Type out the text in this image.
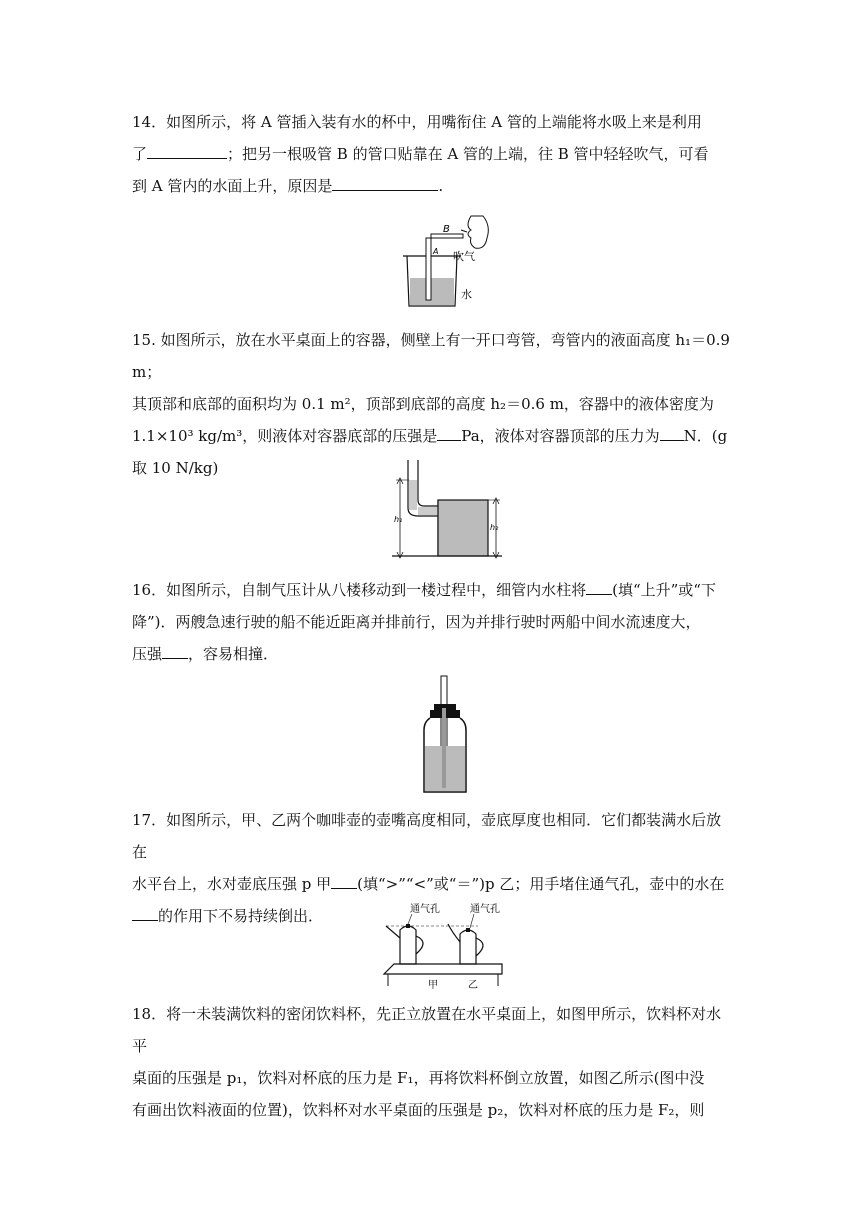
14．如图所示，将 A 管插入装有水的杯中，用嘴衔住 A 管的上端能将水吸上来是利用
了	；把另一根吸管 B 的管口贴靠在 A 管的上端，往 B 管中轻轻吹气，可看
到 A 管内的水面上升，原因是	.
B
A 吹气
水
15. 如图所示，放在水平桌面上的容器，侧壁上有一开口弯管，弯管内的液面高度 h₁＝0.9 m；
其顶部和底部的面积均为 0.1 m²，顶部到底部的高度 h₂＝0.6 m，容器中的液体密度为
1.1×10³ kg/m³，则液体对容器底部的压强是 Pa，液体对容器顶部的压力为 N．(g
取 10 N/kg)
h₁
h₂
16．如图所示，自制气压计从八楼移动到一楼过程中，细管内水柱将 (填“上升”或“下
降”)．两艘急速行驶的船不能近距离并排前行，因为并排行驶时两船中间水流速度大，
压强 ，容易相撞．
17．如图所示，甲、乙两个咖啡壶的壶嘴高度相同，壶底厚度也相同．它们都装满水后放在
水平台上，水对壶底压强 p 甲 (填“>”“<”或“＝”)p 乙；用手堵住通气孔，壶中的水在
的作用下不易持续倒出．	通气孔	通气孔
甲	乙
18．将一未装满饮料的密闭饮料杯，先正立放置在水平桌面上，如图甲所示，饮料杯对水平
桌面的压强是 p₁，饮料对杯底的压力是 F₁，再将饮料杯倒立放置，如图乙所示(图中没
有画出饮料液面的位置)，饮料杯对水平桌面的压强是 p₂，饮料对杯底的压力是 F₂，则
